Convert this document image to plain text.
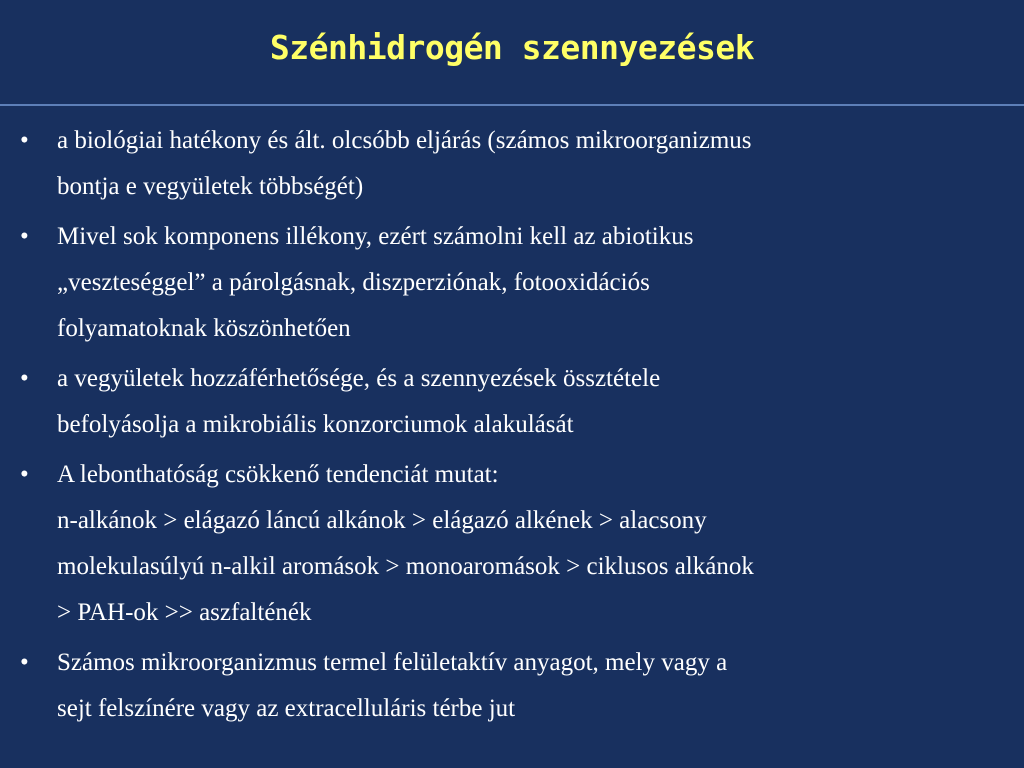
Szénhidrogén szennyezések
• a biológiai hatékony és ált. olcsóbb eljárás (számos mikroorganizmus
bontja e vegyületek többségét)
• Mivel sok komponens illékony, ezért számolni kell az abiotikus
„veszteséggel” a párolgásnak, diszperziónak, fotooxidációs
folyamatoknak köszönhetően
• a vegyületek hozzáférhetősége, és a szennyezések össztétele
befolyásolja a mikrobiális konzorciumok alakulását
• A lebonthatóság csökkenő tendenciát mutat:
n-alkánok > elágazó láncú alkánok > elágazó alkének > alacsony
molekulasúlyú n-alkil aromások > monoaromások > ciklusos alkánok
> PAH-ok >> aszfalténék
• Számos mikroorganizmus termel felületaktív anyagot, mely vagy a
sejt felszínére vagy az extracelluláris térbe jut
